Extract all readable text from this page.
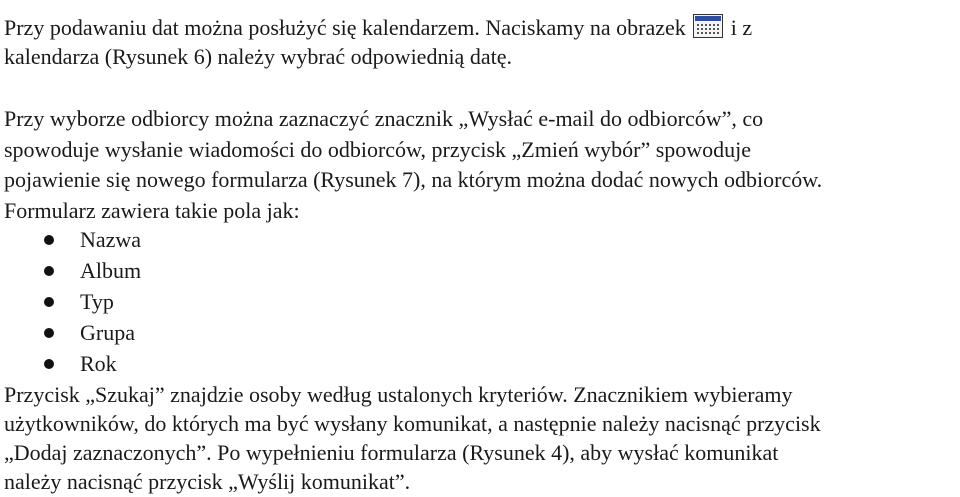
Przy podawaniu dat można posłużyć się kalendarzem. Naciskamy na obrazek i z
kalendarza (Rysunek 6) należy wybrać odpowiednią datę.
Przy wyborze odbiorcy można zaznaczyć znacznik „Wysłać e-mail do odbiorców”, co
spowoduje wysłanie wiadomości do odbiorców, przycisk „Zmień wybór” spowoduje
pojawienie się nowego formularza (Rysunek 7), na którym można dodać nowych odbiorców.
Formularz zawiera takie pola jak:
Nazwa
Album
Typ
Grupa
Rok
Przycisk „Szukaj” znajdzie osoby według ustalonych kryteriów. Znacznikiem wybieramy
użytkowników, do których ma być wysłany komunikat, a następnie należy nacisnąć przycisk
„Dodaj zaznaczonych”. Po wypełnieniu formularza (Rysunek 4), aby wysłać komunikat
należy nacisnąć przycisk „Wyślij komunikat”.
